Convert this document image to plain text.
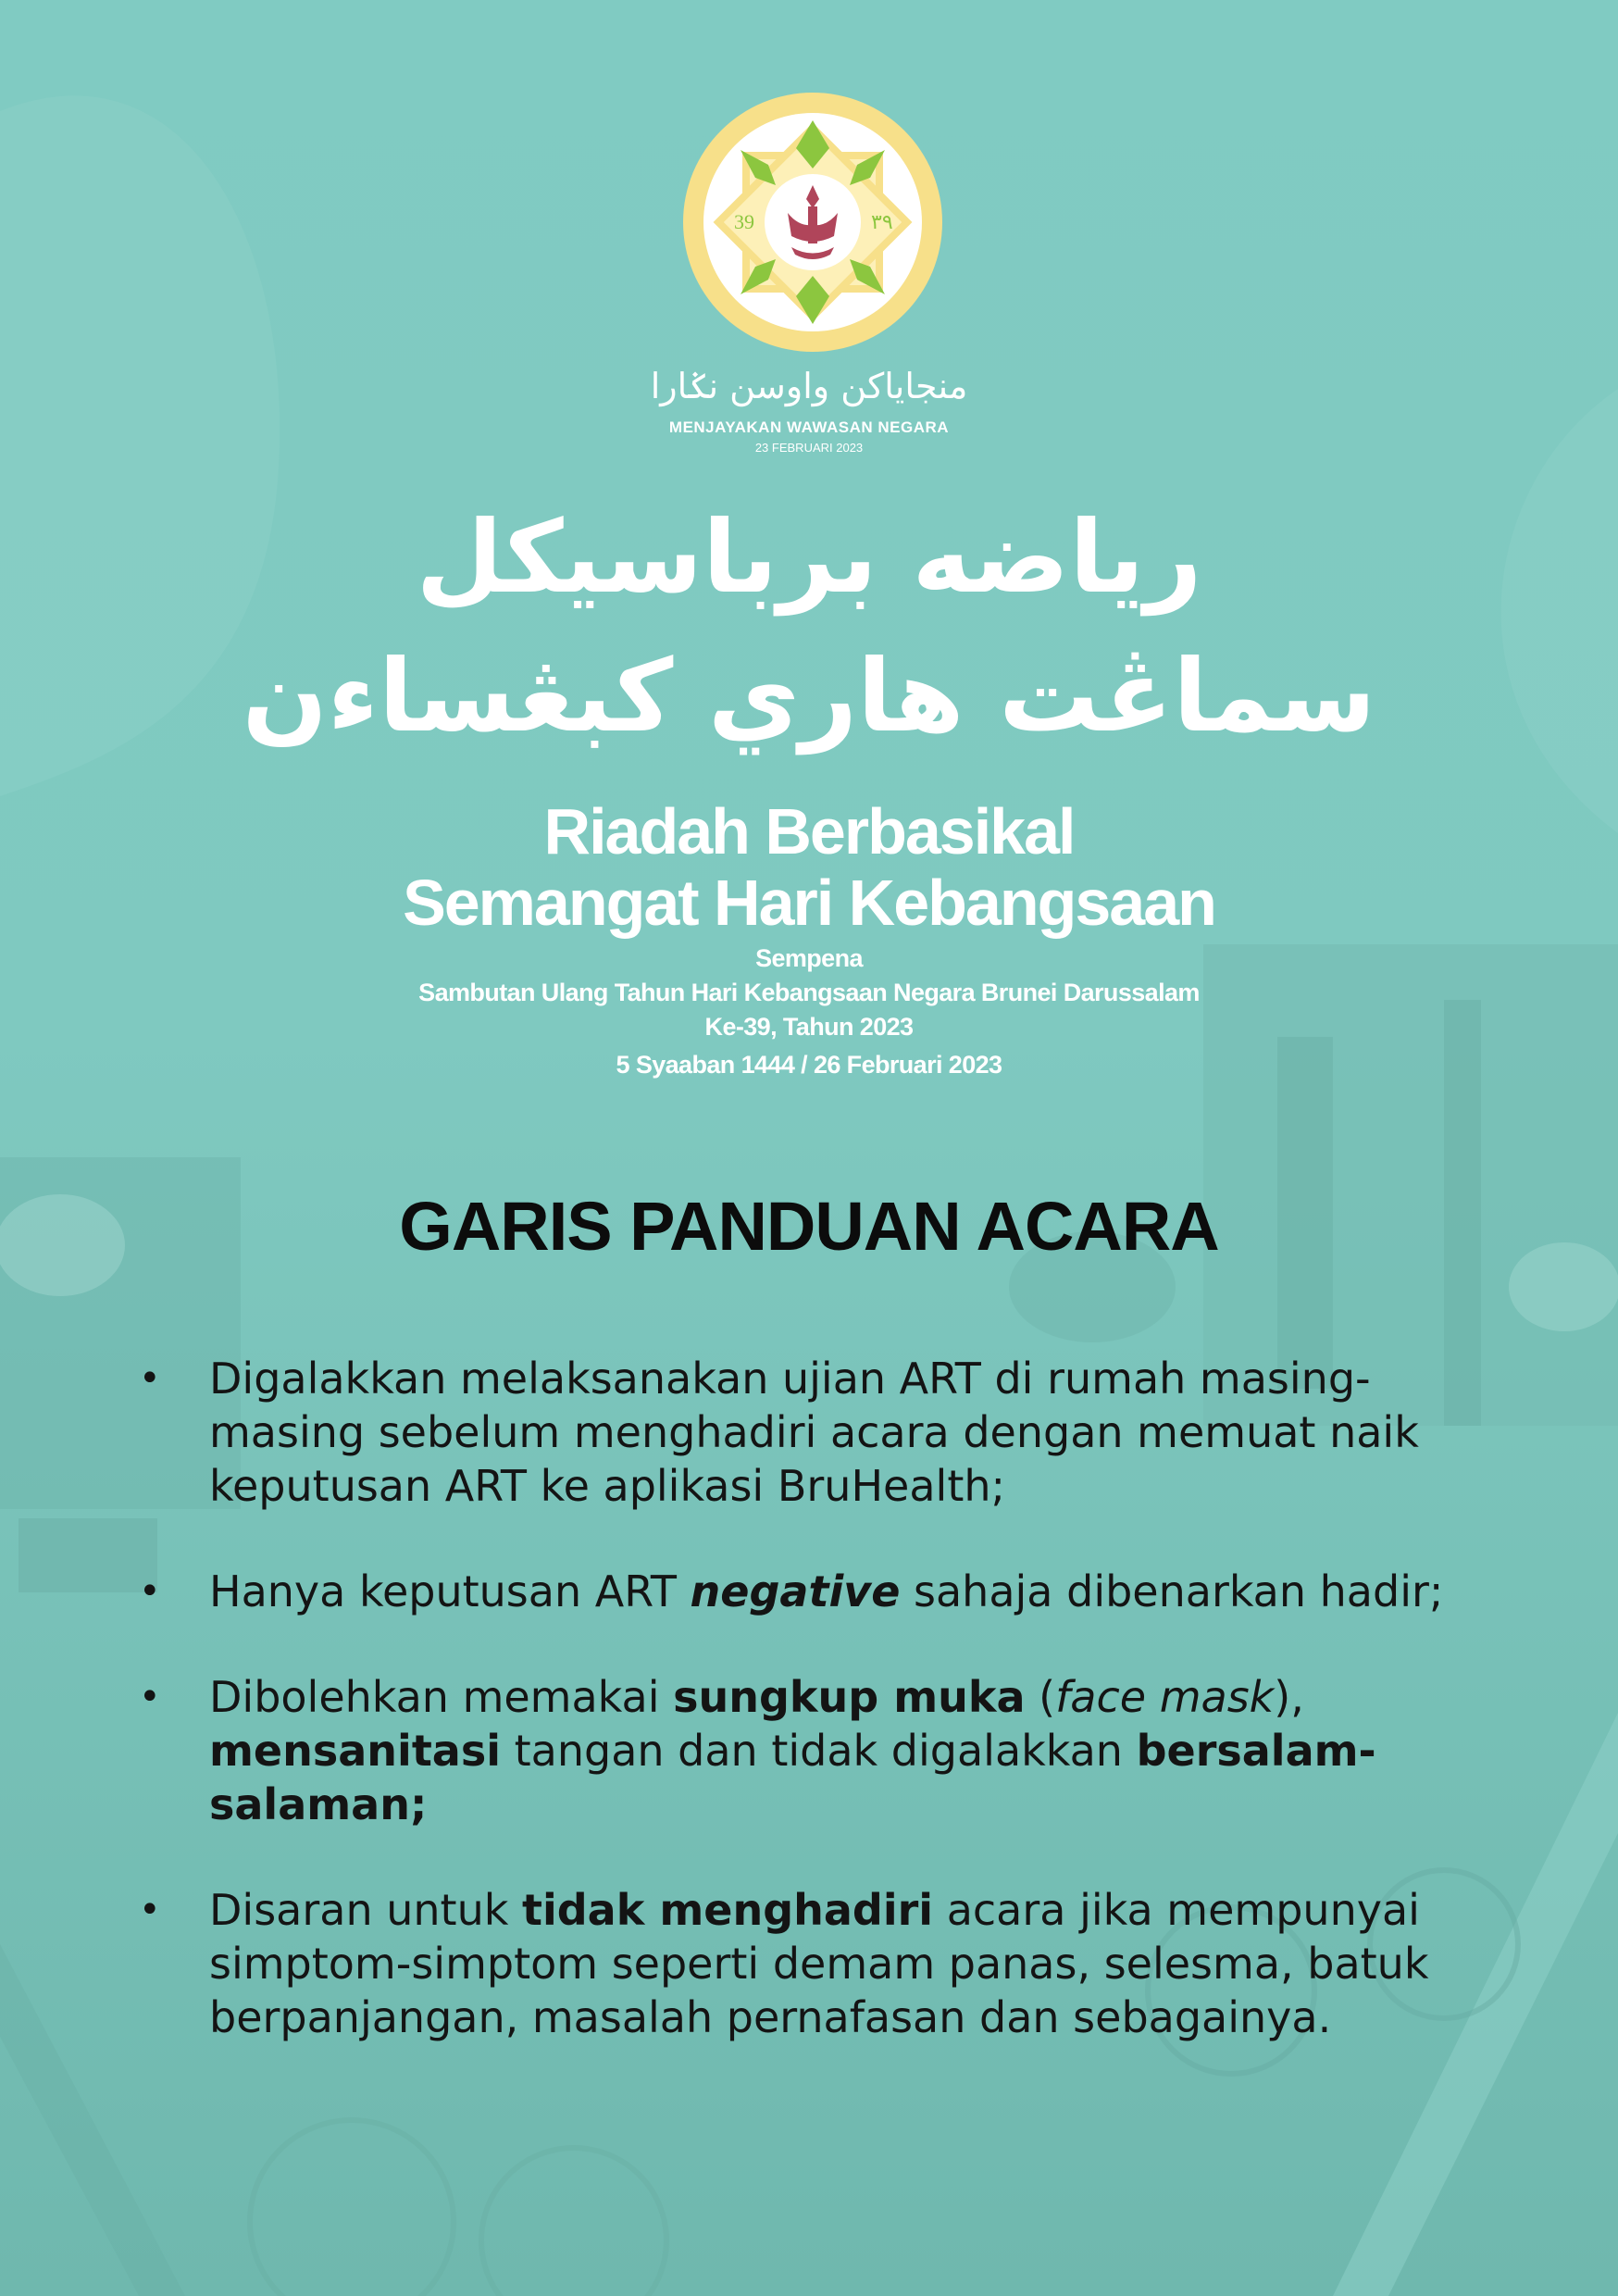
39	٣٩
منجاياكن واوسن نݢارا
MENJAYAKAN WAWASAN NEGARA
23 FEBRUARI 2023
رياضه برباسيكل
سماڠت هاري كبڠساءن
Riadah Berbasikal
Semangat Hari Kebangsaan
Sempena
Sambutan Ulang Tahun Hari Kebangsaan Negara Brunei Darussalam
Ke-39, Tahun 2023
5 Syaaban 1444 / 26 Februari 2023
GARIS PANDUAN ACARA
• Digalakkan melaksanakan ujian ART di rumah masing-masing sebelum menghadiri acara dengan memuat naik keputusan ART ke aplikasi BruHealth;
• Hanya keputusan ART negative sahaja dibenarkan hadir;
• Dibolehkan memakai sungkup muka (face mask), mensanitasi tangan dan tidak digalakkan bersalam-salaman;
• Disaran untuk tidak menghadiri acara jika mempunyai simptom-simptom seperti demam panas, selesma, batuk berpanjangan, masalah pernafasan dan sebagainya.
